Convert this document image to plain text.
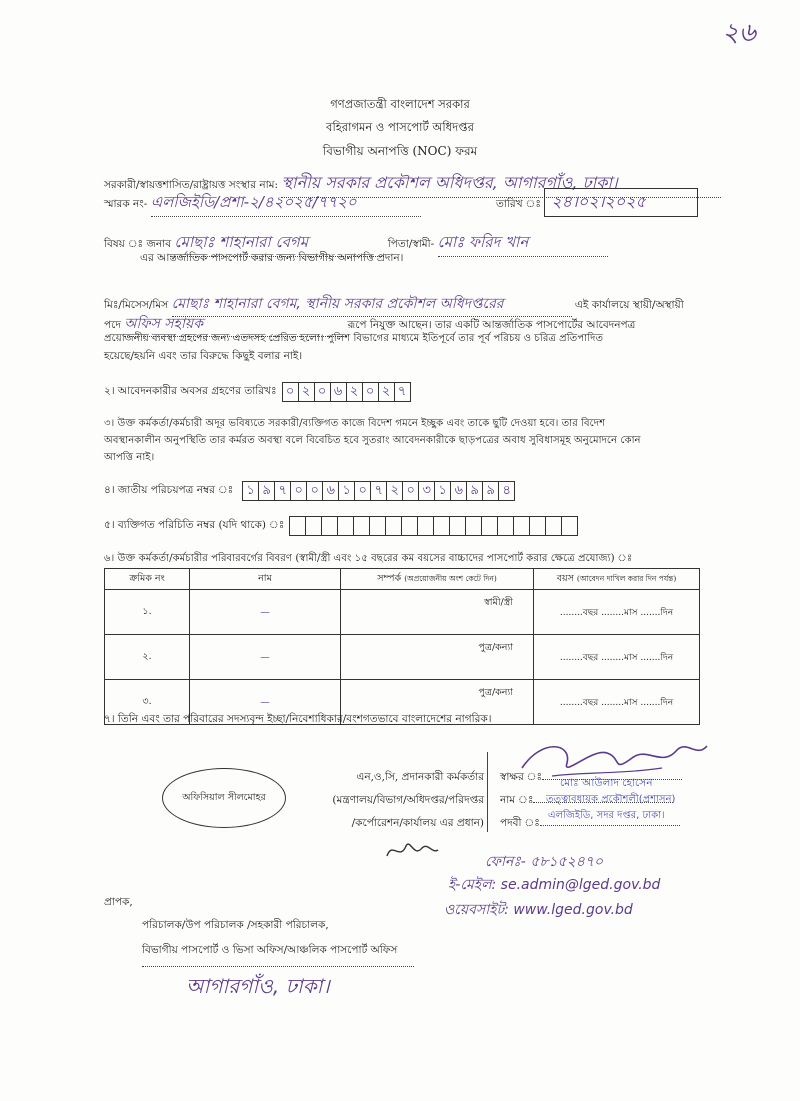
২৬
গণপ্রজাতন্ত্রী বাংলাদেশ সরকার
বহিরাগমন ও পাসপোর্ট অধিদপ্তর
বিভাগীয় অনাপত্তি (NOC) ফরম
সরকারী/স্বায়ত্তশাসিত/রাষ্ট্রায়ত্ত সংস্থার নাম: স্থানীয় সরকার প্রকৌশল অধিদপ্তর, আগারগাঁও, ঢাকা।
স্মারক নং- এলজিইডি/প্রশা-২/৪২০২৫/৭৭২০	তারিখ ঃ ২৪।০২।২০২৫
বিষয় ঃ জনাব মোছাঃ শাহানারা বেগম	পিতা/স্বামী- মোঃ ফরিদ খান
এর আন্তর্জাতিক পাসপোর্ট করার জন্য বিভাগীয় অনাপত্তি প্রদান।
মিঃ/মিসেস/মিস মোছাঃ শাহানারা বেগম, স্থানীয় সরকার প্রকৌশল অধিদপ্তরের	এই কার্যালয়ে স্থায়ী/অস্থায়ী
পদে অফিস সহায়ক	রূপে নিযুক্ত আছেন। তার একটি আন্তর্জাতিক পাসপোর্টের আবেদনপত্র
প্রয়োজনীয় ব্যবস্থা গ্রহণের জন্য এতদসহ প্রেরিত হলো। পুলিশ বিভাগের মাধ্যমে ইতিপূর্বে তার পূর্ব পরিচয় ও চরিত্র প্রতিপাদিত
হয়েছে/হয়নি এবং তার বিরুদ্ধে কিছুই বলার নাই।
২। আবেদনকারীর অবসর গ্রহণের তারিখঃ ০ ২ ০ ৬ ২ ০ ২ ৭
৩। উক্ত কর্মকর্তা/কর্মচারী অদূর ভবিষ্যতে সরকারী/ব্যক্তিগত কাজে বিদেশ গমনে ইচ্ছুক এবং তাকে ছুটি দেওয়া হবে। তার বিদেশ
অবস্থানকালীন অনুপস্থিতি তার কর্মরত অবস্থা বলে বিবেচিত হবে সুতরাং আবেদনকারীকে ছাড়পত্রের অবাধ সুবিধাসমূহ অনুমোদনে কোন
আপত্তি নাই।
৪। জাতীয় পরিচয়পত্র নম্বর ঃ	১ ৯ ৭ ০ ০ ৬ ১ ০ ৭ ২ ০ ৩ ১ ৬ ৯ ৯ ৪
৫। ব্যক্তিগত পরিচিতি নম্বর (যদি থাকে) ঃ
৬। উক্ত কর্মকর্তা/কর্মচারীর পরিবারবর্গের বিবরণ (স্বামী/স্ত্রী এবং ১৫ বছরের কম বয়সের বাচ্চাদের পাসপোর্ট করার ক্ষেত্রে প্রযোজ্য) ঃ
ক্রমিক নং	নাম	সম্পর্ক (অপ্রয়োজনীয় অংশ কেটে দিন)	বয়স (আবেদন দাখিল করার দিন পর্যন্ত)
১.	—	স্বামী/স্ত্রী	........বছর ........মাস .......দিন
২.	—	পুত্র/কন্যা	........বছর ........মাস .......দিন
৩.	—	পুত্র/কন্যা	........বছর ........মাস .......দিন
৭। তিনি এবং তার পরিবারের সদস্যবৃন্দ ইচ্ছা/নিবেশাধিকার/বংশগতভাবে বাংলাদেশের নাগরিক।
অফিসিয়াল সীলমোহর
এন,ও,সি, প্রদানকারী কর্মকর্তার
(মন্ত্রণালয়/বিভাগ/অধিদপ্তর/পরিদপ্তর
/কর্পোরেশন/কার্যালয় এর প্রধান)
স্বাক্ষর ঃ
নাম ঃ
পদবী ঃ
মোঃ আউলাদ হোসেন
তত্ত্বাবধায়ক প্রকৌশলী(প্রশাসন)
এলজিইডি, সদর দপ্তর, ঢাকা।
ফোনঃ- ৫৮১৫২৪৭০
ই-মেইল: se.admin@lged.gov.bd
ওয়েবসাইট: www.lged.gov.bd
প্রাপক,
পরিচালক/উপ পরিচালক /সহকারী পরিচালক,
বিভাগীয় পাসপোর্ট ও ভিসা অফিস/আঞ্চলিক পাসপোর্ট অফিস
আগারগাঁও, ঢাকা।
